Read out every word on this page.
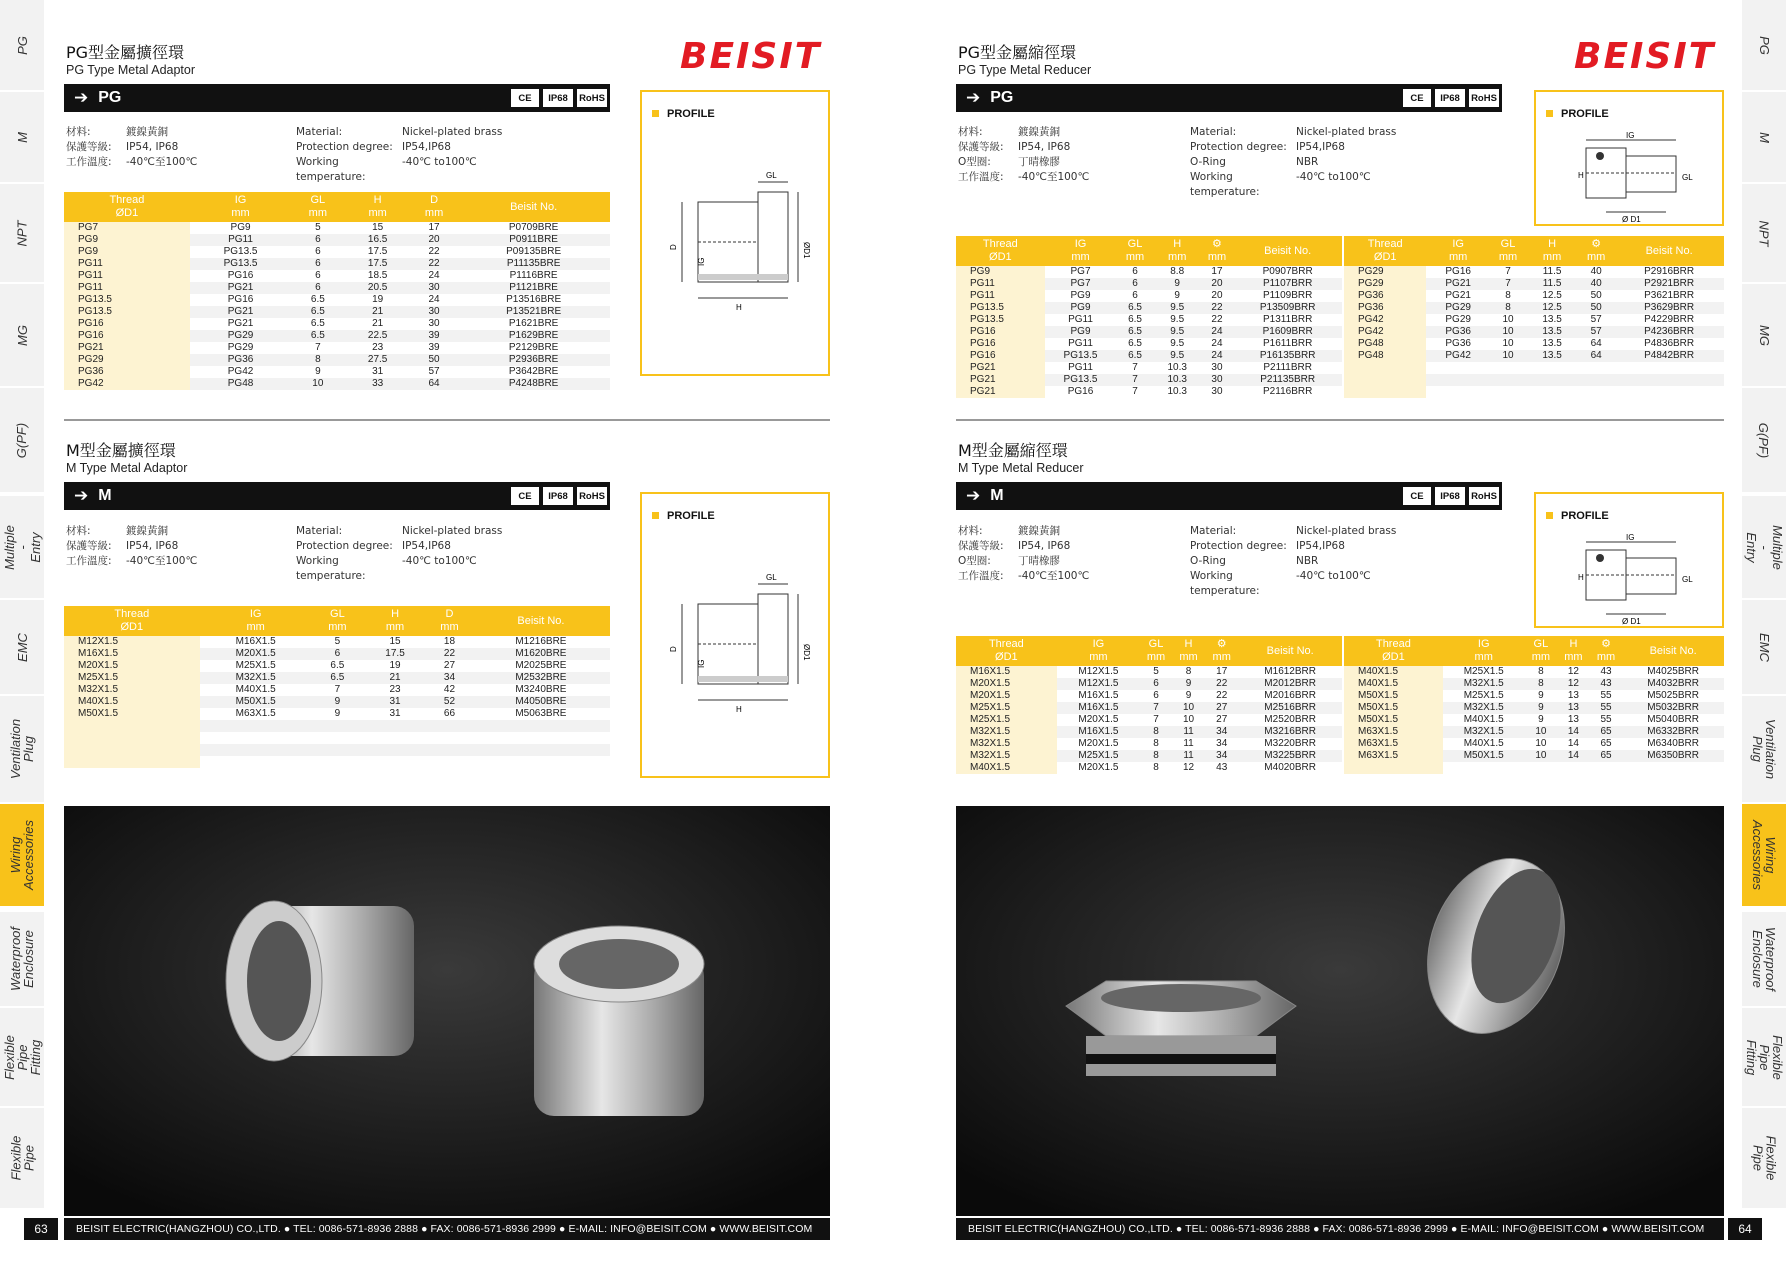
PG
M
NPT
MG
G(PF)
Multiple -
Entry
EMC
Ventilation
Plug
Wiring
Accessories
Waterproof
Enclosure
Flexible Pipe
Fitting
Flexible
Pipe
PG
M
NPT
MG
G(PF)
Multiple -
Entry
EMC
Ventilation
Plug
Wiring
Accessories
Waterproof
Enclosure
Flexible Pipe
Fitting
Flexible
Pipe
PG型金屬擴徑環
PG Type Metal Adaptor	BEISIT
➔ PG	CE	IP68	RoHS
材料:	鍍鎳黃銅
保護等級:	IP54, IP68
工作溫度:	-40℃至100℃
Material:	Nickel-plated brass
Protection degree: IP54,IP68
Working temperature:
-40℃ to100℃
Thread
ØD1	IG
mm	GL
mm	H
mm	D
mm	Beisit No.
PG7	PG9	5	15	17	P0709BRE
PG9	PG11	6	16.5	20	P0911BRE
PG9	PG13.5	6	17.5	22	P09135BRE
PG11	PG13.5	6	17.5	22	P11135BRE
PG11	PG16	6	18.5	24	P1116BRE
PG11	PG21	6	20.5	30	P1121BRE
PG13.5	PG16	6.5	19	24	P13516BRE
PG13.5	PG21	6.5	21	30	P13521BRE
PG16	PG21	6.5	21	30	P1621BRE
PG16	PG29	6.5	22.5	39	P1629BRE
PG21	PG29	7	23	39	P2129BRE
PG29	PG36	8	27.5	50	P2936BRE
PG36	PG42	9	31	57	P3642BRE
PG42	PG48	10	33	64	P4248BRE
PROFILE
D	ØD1
H
GL
IG
M型金屬擴徑環
M Type Metal Adaptor
➔ M	CE	IP68	RoHS
材料:	鍍鎳黃銅
保護等級:	IP54, IP68
工作溫度:	-40℃至100℃
Material:	Nickel-plated brass
Protection degree: IP54,IP68
Working temperature:
-40℃ to100℃
Thread
ØD1	IG
mm	GL
mm	H
mm	D
mm	Beisit No.
M12X1.5	M16X1.5	5	15	18	M1216BRE
M16X1.5	M20X1.5	6	17.5	22	M1620BRE
M20X1.5	M25X1.5	6.5	19	27	M2025BRE
M25X1.5	M32X1.5	6.5	21	34	M2532BRE
M32X1.5	M40X1.5	7	23	42	M3240BRE
M40X1.5	M50X1.5	9	31	52	M4050BRE
M50X1.5	M63X1.5	9	31	66	M5063BRE

PROFILE
D	ØD1
H
GL
IG
63	BEISIT ELECTRIC(HANGZHOU) CO.,LTD. ● TEL: 0086-571-8936 2888 ● FAX: 0086-571-8936 2999 ● E-MAIL: INFO@BEISIT.COM ● WWW.BEISIT.COM
PG型金屬縮徑環
PG Type Metal Reducer	BEISIT
➔ PG	CE	IP68	RoHS
材料:	鍍鎳黃銅
保護等級:	IP54, IP68
O型圈:	丁晴橡膠
工作溫度:	-40℃至100℃
Material:	Nickel-plated brass
Protection degree: IP54,IP68
O-Ring	NBR
Working temperature:
-40℃ to100℃
PROFILE
IG
H	GL
Ø D1
Thread
ØD1	IG
mm	GL
mm	H
mm	⚙
mm	Beisit No.
PG9	PG7	6	8.8	17	P0907BRR
PG11	PG7	6	9	20	P1107BRR
PG11	PG9	6	9	20	P1109BRR
PG13.5	PG9	6.5	9.5	22	P13509BRR
PG13.5	PG11	6.5	9.5	22	P1311BRR
PG16	PG9	6.5	9.5	24	P1609BRR
PG16	PG11	6.5	9.5	24	P1611BRR
PG16	PG13.5	6.5	9.5	24	P16135BRR
PG21	PG11	7	10.3	30	P2111BRR
PG21	PG13.5	7	10.3	30	P21135BRR
PG21	PG16	7	10.3	30	P2116BRR
Thread
ØD1	IG
mm	GL
mm	H
mm	⚙
mm	Beisit No.
PG29	PG16	7	11.5	40	P2916BRR
PG29	PG21	7	11.5	40	P2921BRR
PG36	PG21	8	12.5	50	P3621BRR
PG36	PG29	8	12.5	50	P3629BRR
PG42	PG29	10	13.5	57	P4229BRR
PG42	PG36	10	13.5	57	P4236BRR
PG48	PG36	10	13.5	64	P4836BRR
PG48	PG42	10	13.5	64	P4842BRR

M型金屬縮徑環
M Type Metal Reducer
➔ M	CE	IP68	RoHS
材料:	鍍鎳黃銅
保護等級:	IP54, IP68
O型圈:	丁晴橡膠
工作溫度:	-40℃至100℃
Material:	Nickel-plated brass
Protection degree: IP54,IP68
O-Ring	NBR
Working temperature:
-40℃ to100℃
PROFILE
IG
H	GL
Ø D1
Thread
ØD1	IG
mm	GL
mm	H
mm	⚙
mm	Beisit No.
M16X1.5	M12X1.5	5	8	17	M1612BRR
M20X1.5	M12X1.5	6	9	22	M2012BRR
M20X1.5	M16X1.5	6	9	22	M2016BRR
M25X1.5	M16X1.5	7	10	27	M2516BRR
M25X1.5	M20X1.5	7	10	27	M2520BRR
M32X1.5	M16X1.5	8	11	34	M3216BRR
M32X1.5	M20X1.5	8	11	34	M3220BRR
M32X1.5	M25X1.5	8	11	34	M3225BRR
M40X1.5	M20X1.5	8	12	43	M4020BRR
Thread
ØD1	IG
mm	GL
mm	H
mm	⚙
mm	Beisit No.
M40X1.5	M25X1.5	8	12	43	M4025BRR
M40X1.5	M32X1.5	8	12	43	M4032BRR
M50X1.5	M25X1.5	9	13	55	M5025BRR
M50X1.5	M32X1.5	9	13	55	M5032BRR
M50X1.5	M40X1.5	9	13	55	M5040BRR
M63X1.5	M32X1.5	10	14	65	M6332BRR
M63X1.5	M40X1.5	10	14	65	M6340BRR
M63X1.5	M50X1.5	10	14	65	M6350BRR

BEISIT ELECTRIC(HANGZHOU) CO.,LTD. ● TEL: 0086-571-8936 2888 ● FAX: 0086-571-8936 2999 ● E-MAIL: INFO@BEISIT.COM ● WWW.BEISIT.COM	64
